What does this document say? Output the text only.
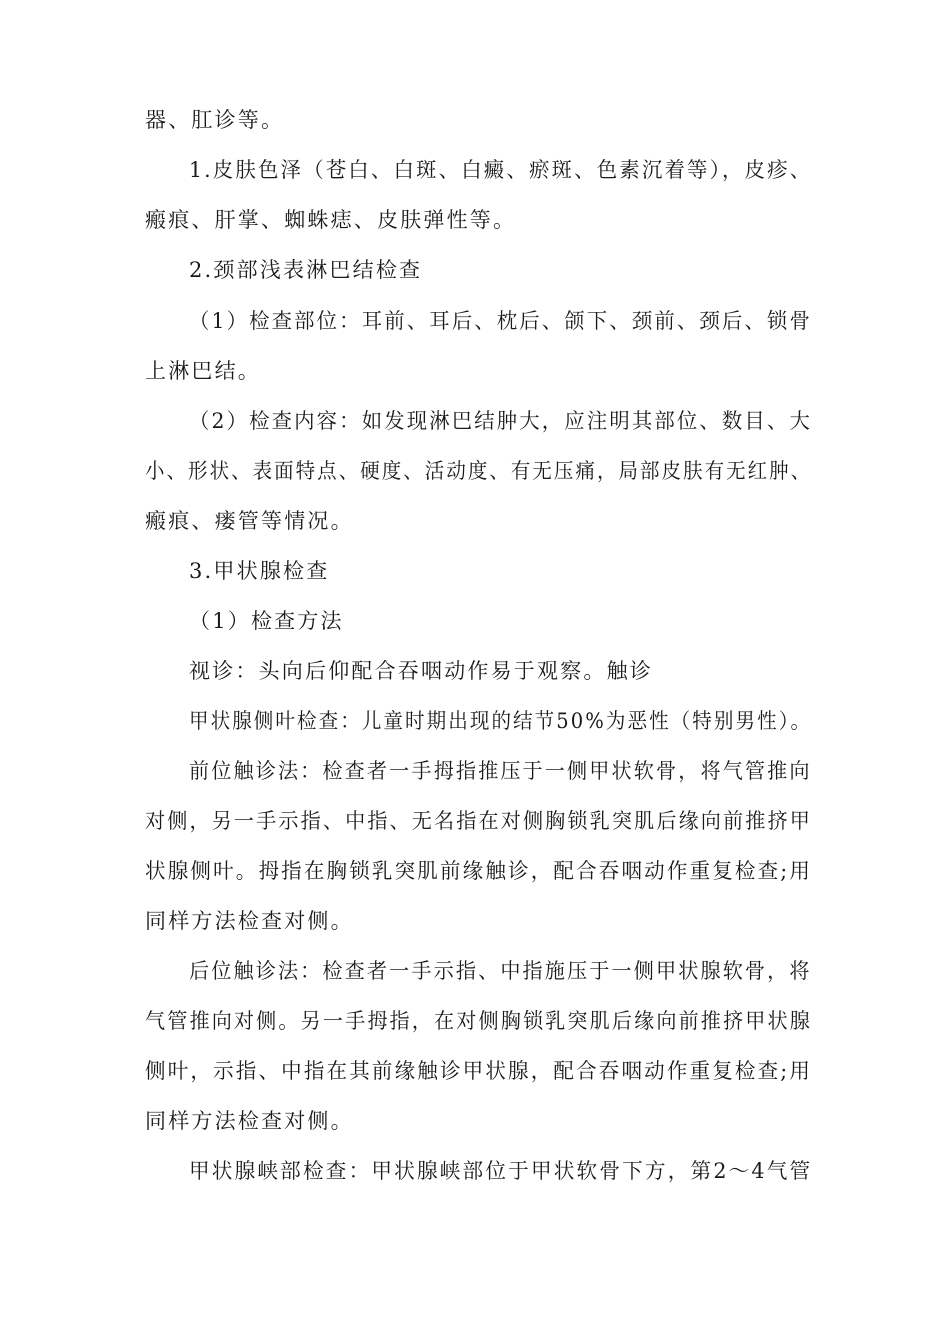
器、肛诊等。
1.皮肤色泽（苍白、白斑、白癜、瘀斑、色素沉着等），皮疹、
瘢痕、肝掌、蜘蛛痣、皮肤弹性等。
2.颈部浅表淋巴结检查
（1）检查部位：耳前、耳后、枕后、颌下、颈前、颈后、锁骨
上淋巴结。
（2）检查内容：如发现淋巴结肿大，应注明其部位、数目、大
小、形状、表面特点、硬度、活动度、有无压痛，局部皮肤有无红肿、
瘢痕、瘘管等情况。
3.甲状腺检查
（1）检查方法
视诊：头向后仰配合吞咽动作易于观察。触诊
甲状腺侧叶检查：儿童时期出现的结节50%为恶性（特别男性）。
前位触诊法：检查者一手拇指推压于一侧甲状软骨，将气管推向
对侧，另一手示指、中指、无名指在对侧胸锁乳突肌后缘向前推挤甲
状腺侧叶。拇指在胸锁乳突肌前缘触诊，配合吞咽动作重复检查;用
同样方法检查对侧。
后位触诊法：检查者一手示指、中指施压于一侧甲状腺软骨，将
气管推向对侧。另一手拇指，在对侧胸锁乳突肌后缘向前推挤甲状腺
侧叶，示指、中指在其前缘触诊甲状腺，配合吞咽动作重复检查;用
同样方法检查对侧。
甲状腺峡部检查：甲状腺峡部位于甲状软骨下方，第2～4气管
